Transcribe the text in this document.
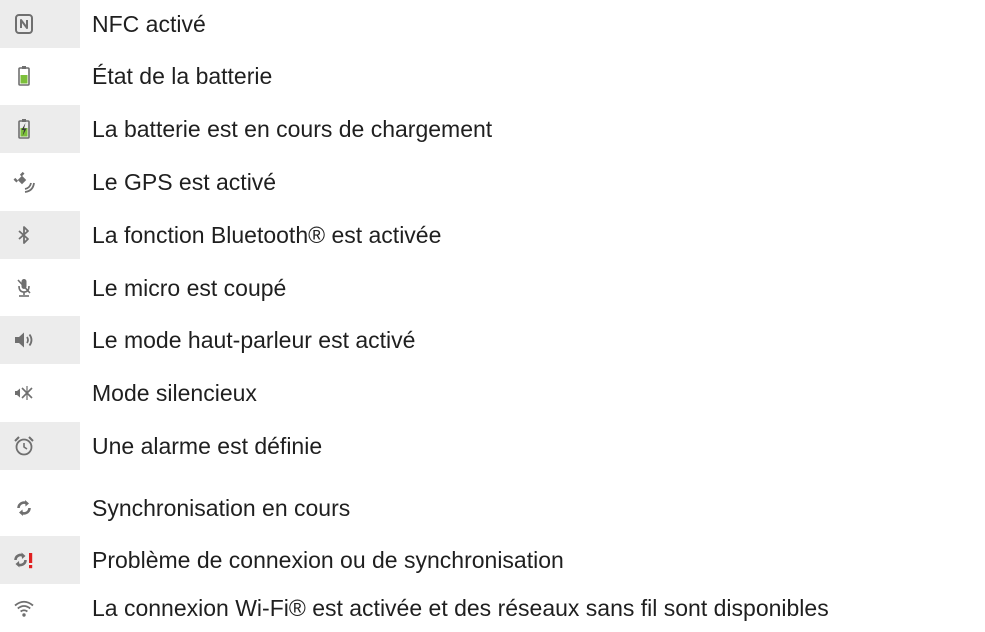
NFC activé
État de la batterie
La batterie est en cours de chargement
Le GPS est activé
La fonction Bluetooth® est activée
Le micro est coupé
Le mode haut-parleur est activé
Mode silencieux
Une alarme est définie
Synchronisation en cours
Problème de connexion ou de synchronisation
La connexion Wi-Fi® est activée et des réseaux sans fil sont disponibles
